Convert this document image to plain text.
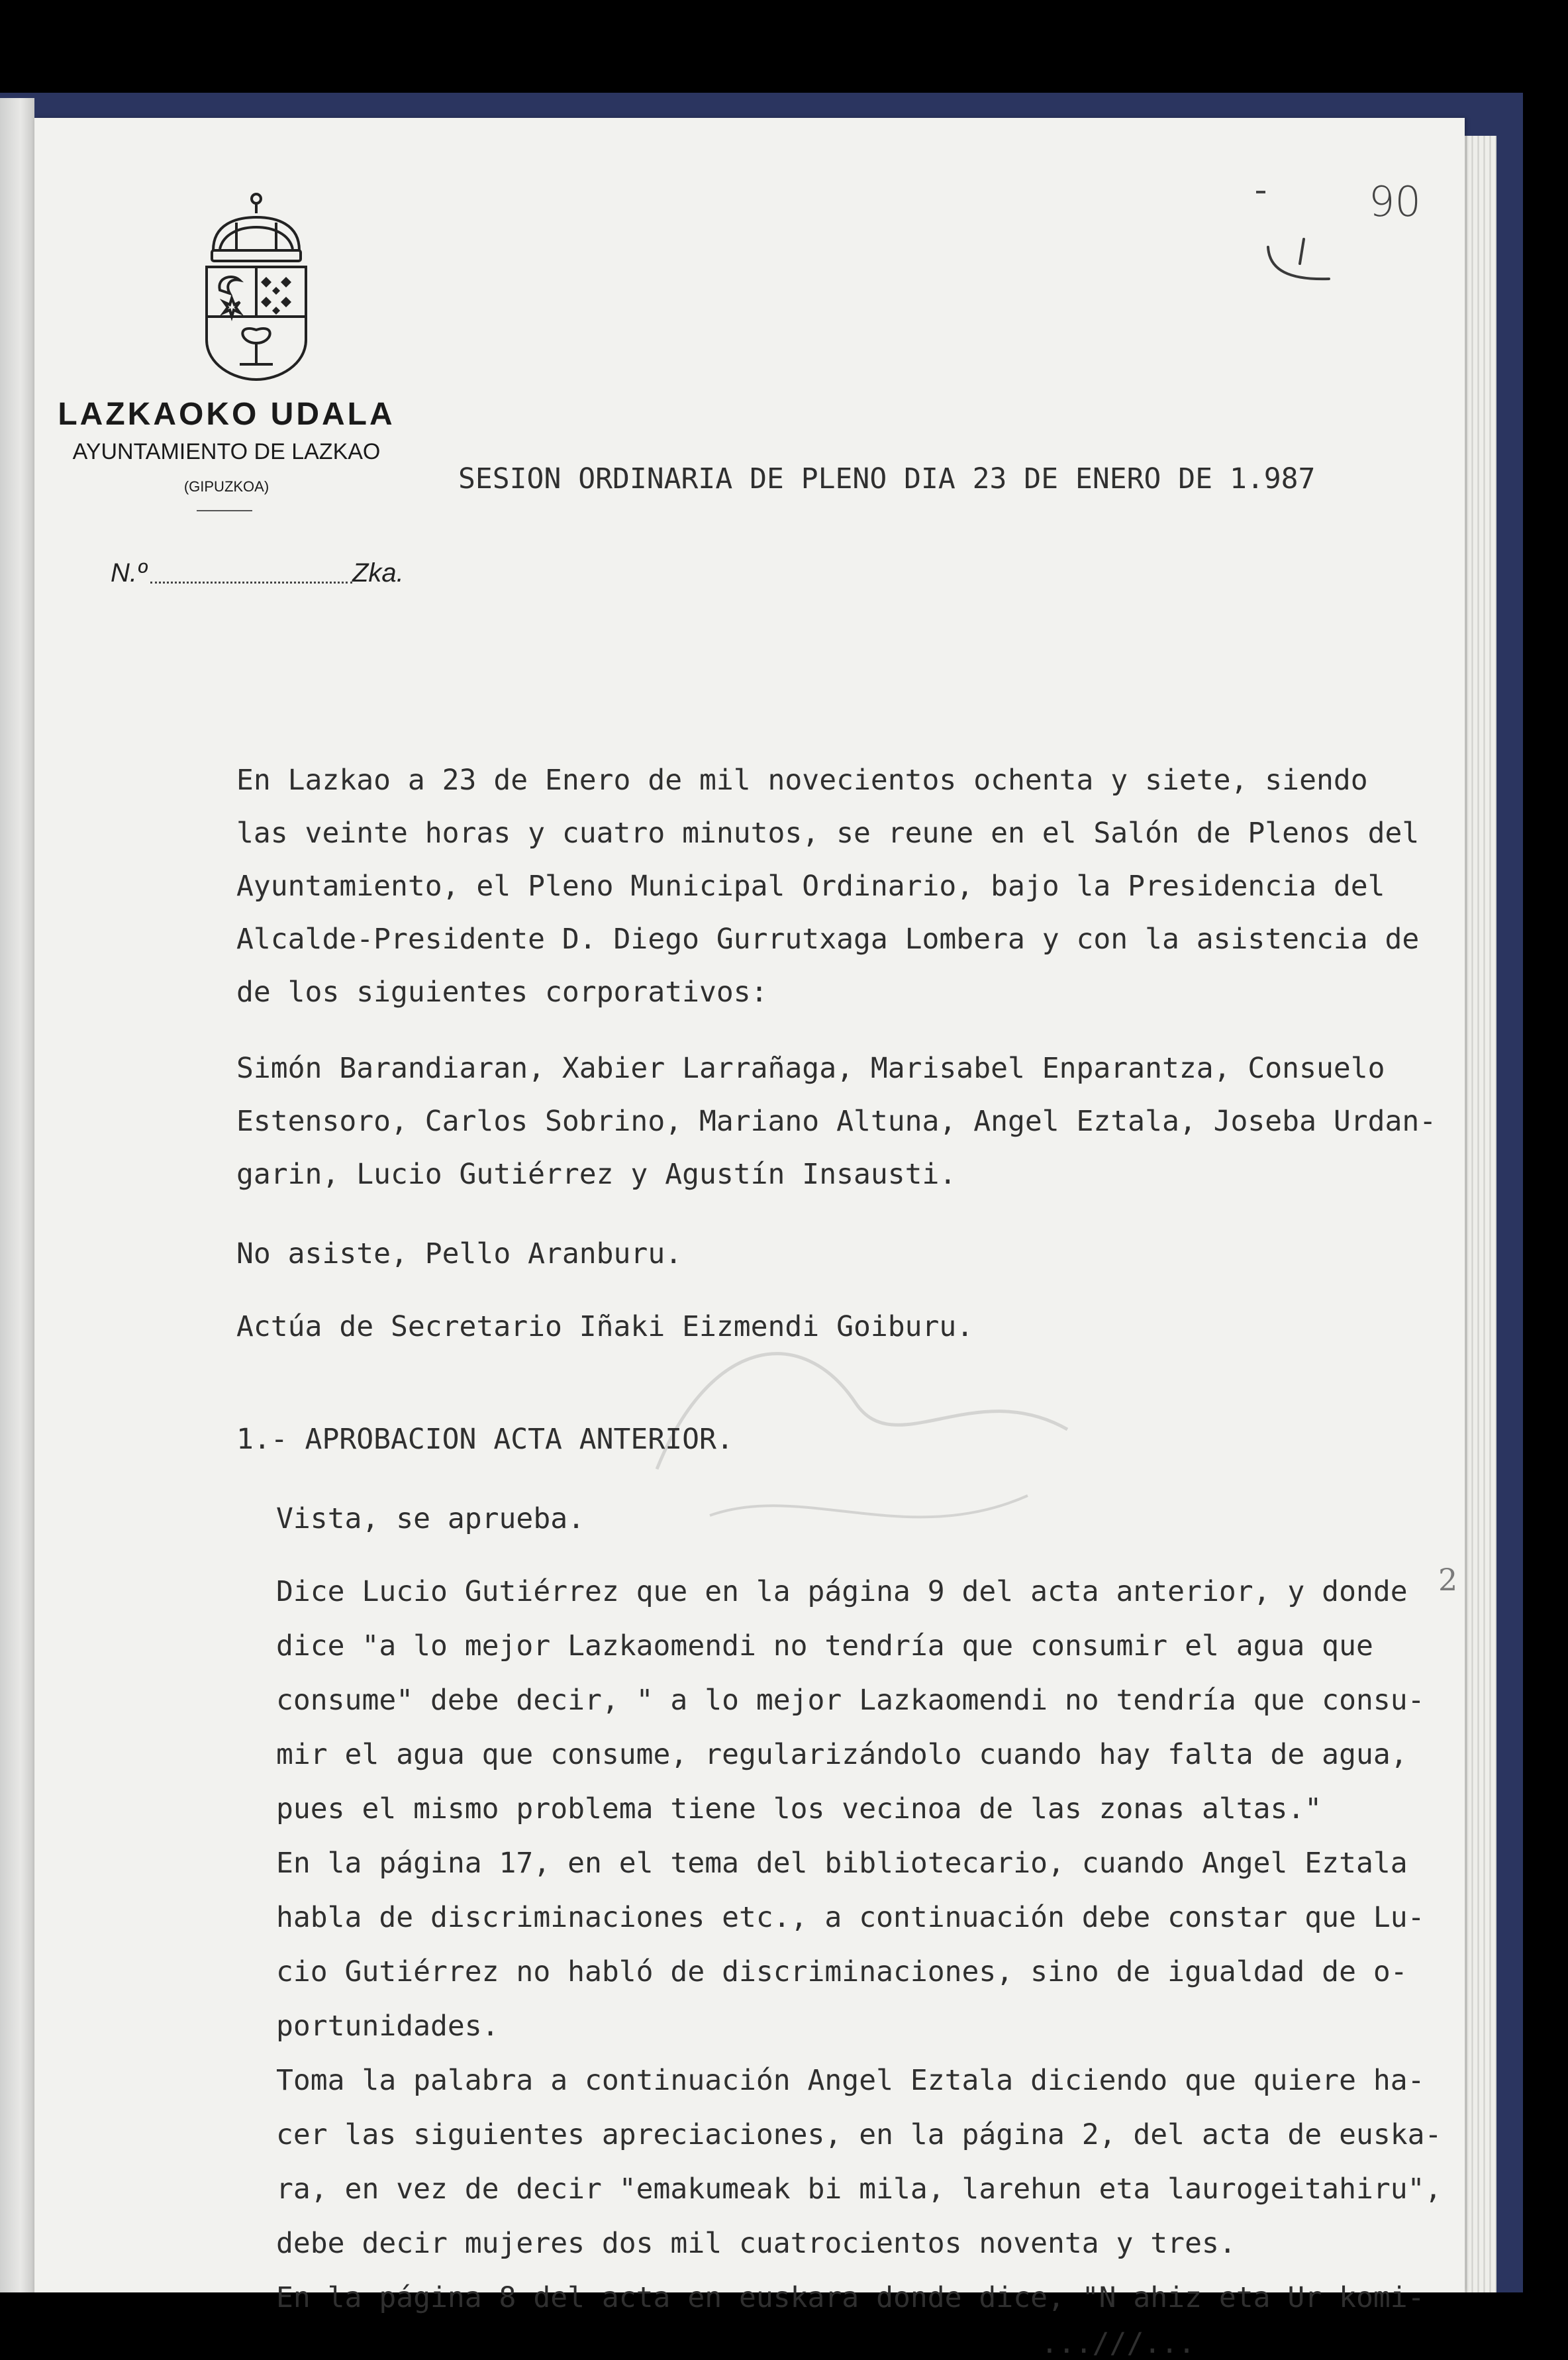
LAZKAOKO UDALA
AYUNTAMIENTO DE LAZKAO
(GIPUZKOA)
N.º	Zka.
90

SESION ORDINARIA DE PLENO DIA 23 DE ENERO DE 1.987

En Lazkao a 23 de Enero de mil novecientos ochenta y siete, siendo

las veinte horas y cuatro minutos, se reune en el Salón de Plenos del

Ayuntamiento, el Pleno Municipal Ordinario, bajo la Presidencia del

Alcalde-Presidente D. Diego Gurrutxaga Lombera y con la asistencia de

de los siguientes corporativos:

Simón Barandiaran, Xabier Larrañaga, Marisabel Enparantza, Consuelo

Estensoro, Carlos Sobrino, Mariano Altuna, Angel Eztala, Joseba Urdan-

garin, Lucio Gutiérrez y Agustín Insausti.

No asiste, Pello Aranburu.

Actúa de Secretario Iñaki Eizmendi Goiburu.

1.- APROBACION ACTA ANTERIOR.

Vista, se aprueba.

Dice Lucio Gutiérrez que en la página 9 del acta anterior, y donde

dice "a lo mejor Lazkaomendi no tendría que consumir el agua que

consume" debe decir, " a lo mejor Lazkaomendi no tendría que consu-

mir el agua que consume, regularizándolo cuando hay falta de agua,

pues el mismo problema tiene los vecinoa de las zonas altas."

En la página 17, en el tema del bibliotecario, cuando Angel Eztala

habla de discriminaciones etc., a continuación debe constar que Lu-

cio Gutiérrez no habló de discriminaciones, sino de igualdad de o-

portunidades.

Toma la palabra a continuación Angel Eztala diciendo que quiere ha-

cer las siguientes apreciaciones, en la página 2, del acta de euska-

ra, en vez de decir "emakumeak bi mila, larehun eta laurogeitahiru",

debe decir mujeres dos mil cuatrocientos noventa y tres.

En la página 8 del acta en euskara donde dice, "N ahiz eta Ur komi-

2

...///...
